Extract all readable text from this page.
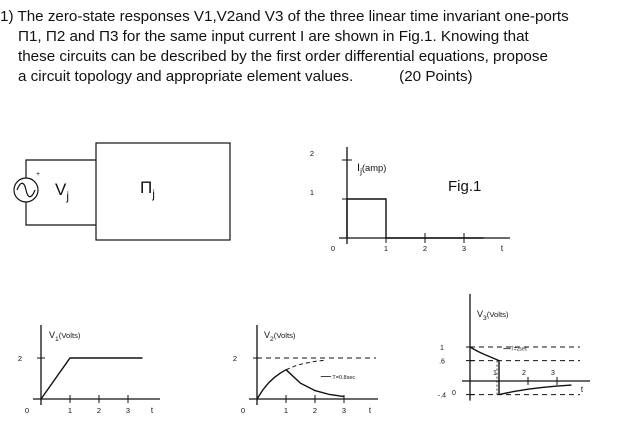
1) The zero-state responses V1,V2and V3 of the three linear time invariant one-ports
Π1, Π2 and Π3 for the same input current I are shown in Fig.1. Knowing that
these circuits can be described by the first order differential equations, propose
a circuit topology and appropriate element values.	(20 Points)
+
$V_j$	$\Pi_j$	Fig.1
0	1	2	3	t
1
2
$I_j^{(amp)}$
0	1	2	3	t
2
$V_1(Volts)$
0	1	2	3	t
2
$V_2(Volts)$
T=0.8sec
1	2	3
t
1
.6
0
-.4
$V_3(Volts)$
T=2sec
